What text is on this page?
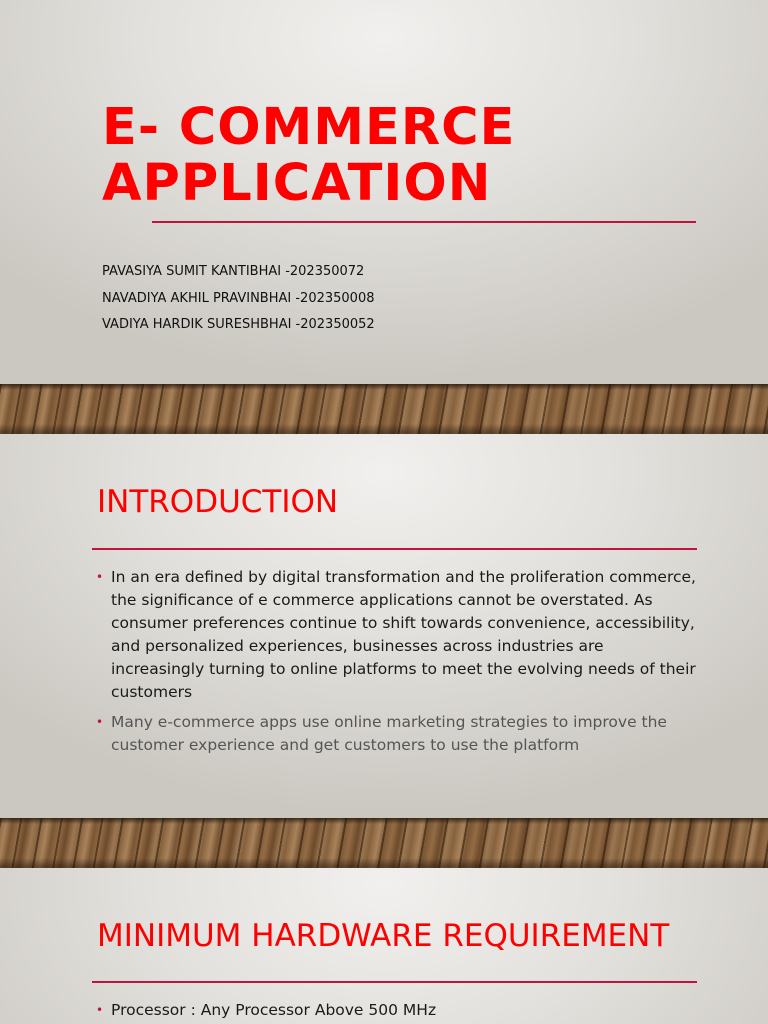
E- COMMERCE
APPLICATION
PAVASIYA SUMIT KANTIBHAI -202350072
NAVADIYA AKHIL PRAVINBHAI -202350008
VADIYA HARDIK SURESHBHAI -202350052
INTRODUCTION
• In an era defined by digital transformation and the proliferation commerce, the significance of e commerce applications cannot be overstated. As consumer preferences continue to shift towards convenience, accessibility, and personalized experiences, businesses across industries are increasingly turning to online platforms to meet the evolving needs of their customers
• Many e-commerce apps use online marketing strategies to improve the customer experience and get customers to use the platform
MINIMUM HARDWARE REQUIREMENT
• Processor : Any Processor Above 500 MHz
